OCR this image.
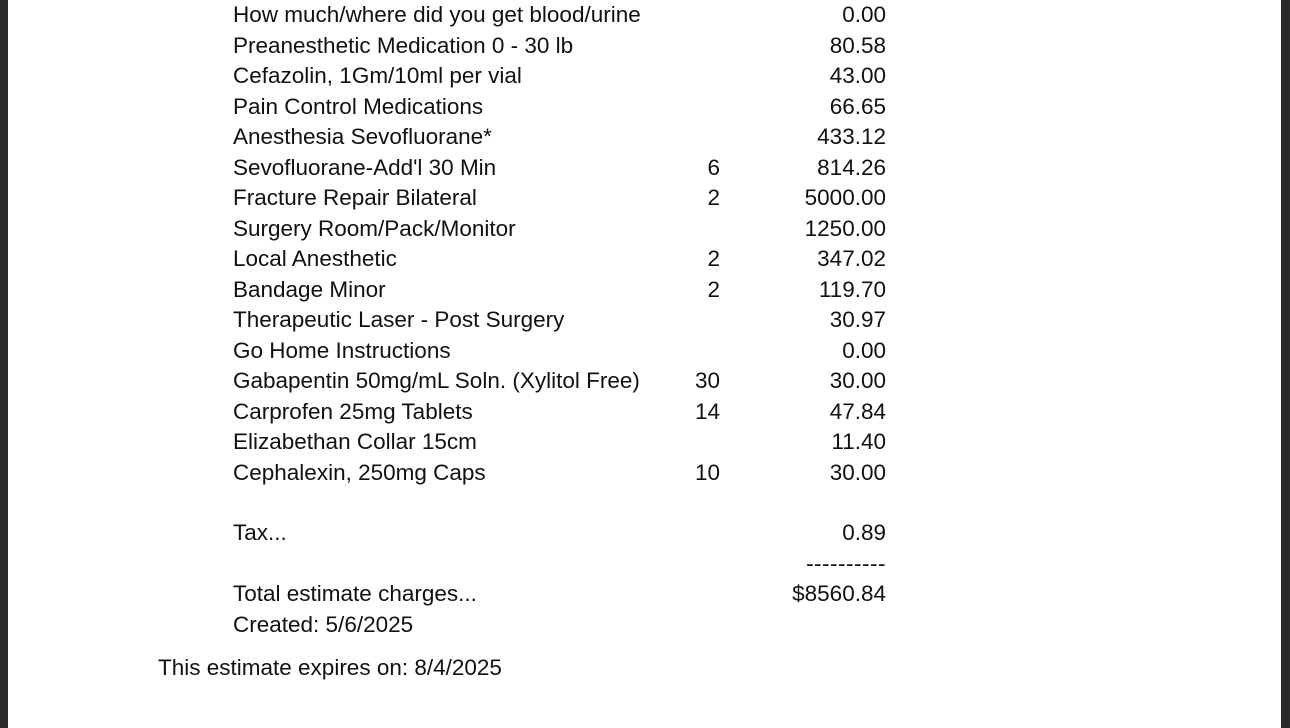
How much/where did you get blood/urine	0.00
Preanesthetic Medication 0 - 30 lb	80.58
Cefazolin, 1Gm/10ml per vial	43.00
Pain Control Medications	66.65
Anesthesia Sevofluorane*	433.12
Sevofluorane-Add'l 30 Min	6	814.26
Fracture Repair Bilateral	2	5000.00
Surgery Room/Pack/Monitor	1250.00
Local Anesthetic	2	347.02
Bandage Minor	2	119.70
Therapeutic Laser - Post Surgery	30.97
Go Home Instructions	0.00
Gabapentin 50mg/mL Soln. (Xylitol Free)	30	30.00
Carprofen 25mg Tablets	14	47.84
Elizabethan Collar 15cm	11.40
Cephalexin, 250mg Caps	10	30.00
Tax...	0.89
----------
Total estimate charges...	$8560.84
Created: 5/6/2025
This estimate expires on: 8/4/2025
